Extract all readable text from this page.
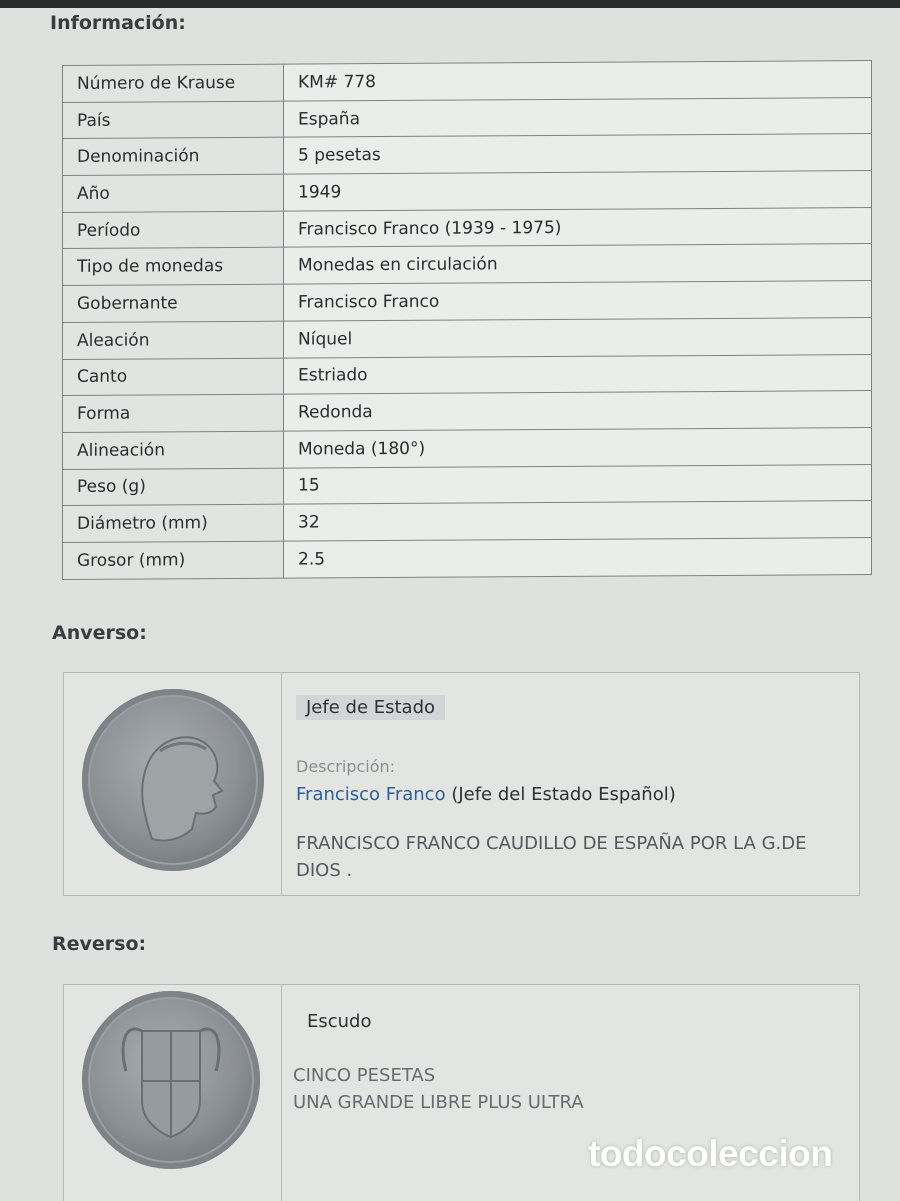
Información:
Número de Krause	KM# 778
País	España
Denominación	5 pesetas
Año	1949
Período	Francisco Franco (1939 - 1975)
Tipo de monedas	Monedas en circulación
Gobernante	Francisco Franco
Aleación	Níquel
Canto	Estriado
Forma	Redonda
Alineación	Moneda (180°)
Peso (g)	15
Diámetro (mm)	32
Grosor (mm)	2.5
Anverso:
Jefe de Estado
Descripción:
Francisco Franco (Jefe del Estado Español)
FRANCISCO FRANCO CAUDILLO DE ESPAÑA POR LA G.DE DIOS .
Reverso:
Escudo
CINCO PESETAS
UNA GRANDE LIBRE PLUS ULTRA
todocoleccion
